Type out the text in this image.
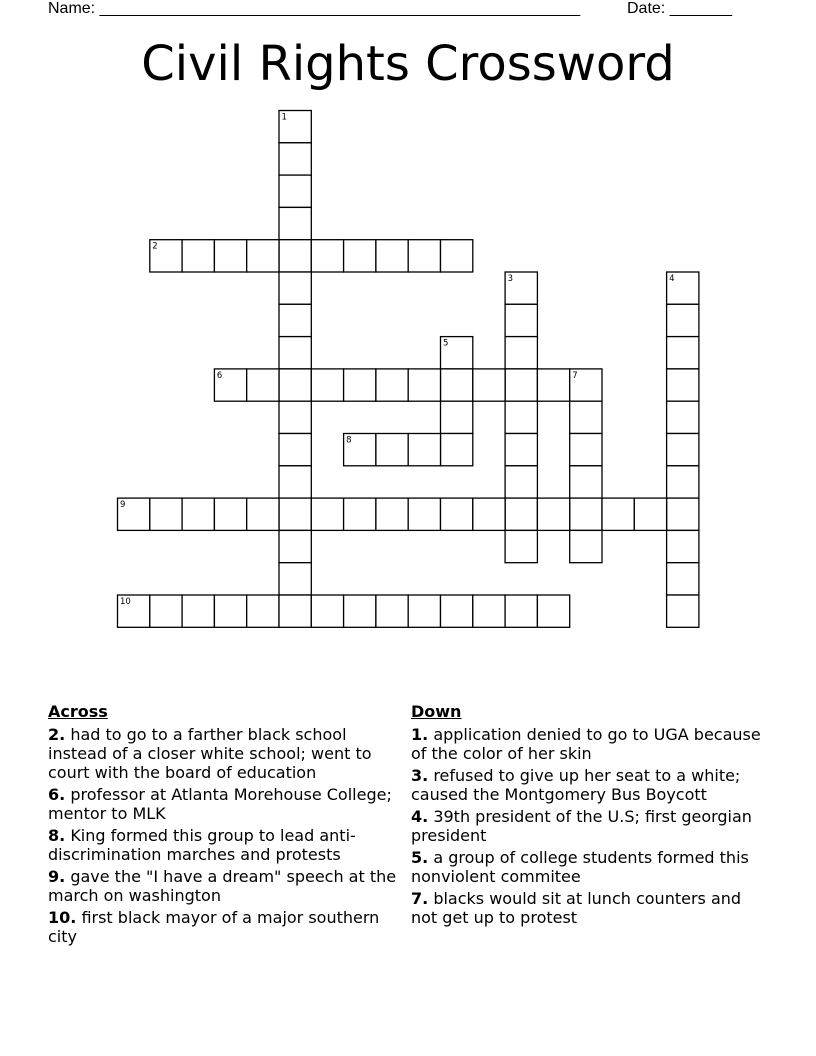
Name: ______________________________________________________	Date: _______
Civil Rights Crossword
1
2
3	4
5
6	7
8
9
10
Across
2. had to go to a farther black school instead of a closer white school; went to court with the board of education
6. professor at Atlanta Morehouse College; mentor to MLK
8. King formed this group to lead anti-discrimination marches and protests
9. gave the "I have a dream" speech at the march on washington
10. first black mayor of a major southern city
Down
1. application denied to go to UGA because of the color of her skin
3. refused to give up her seat to a white; caused the Montgomery Bus Boycott
4. 39th president of the U.S; first georgian president
5. a group of college students formed this nonviolent commitee
7. blacks would sit at lunch counters and not get up to protest
